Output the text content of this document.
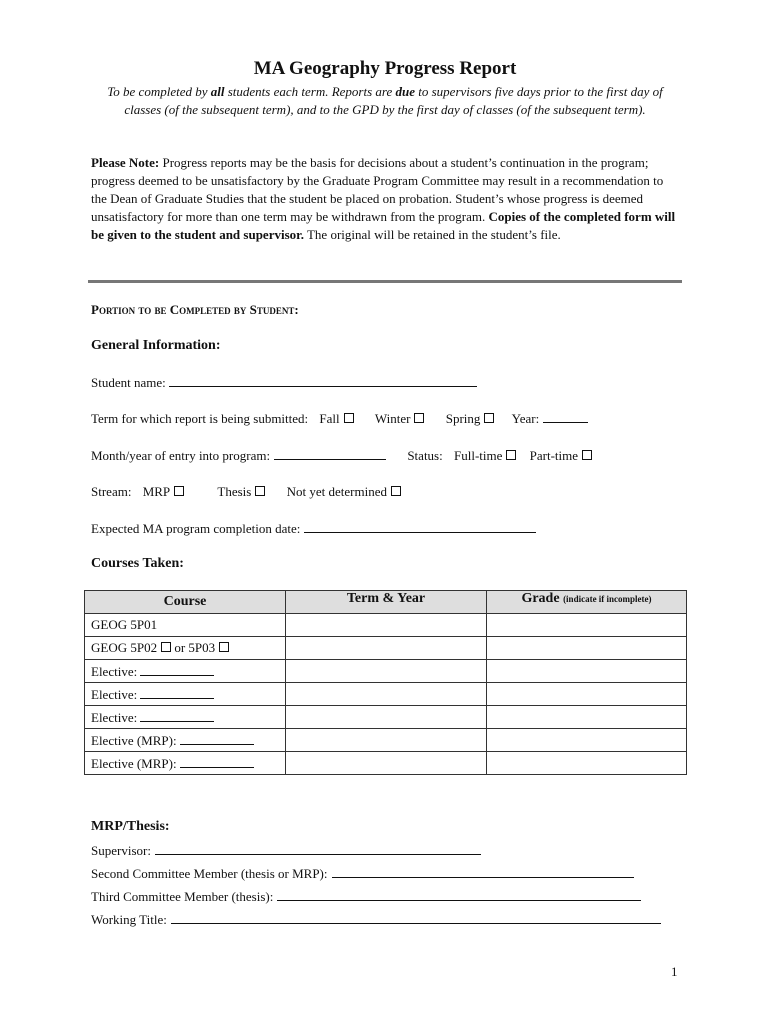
MA Geography Progress Report
To be completed by all students each term. Reports are due to supervisors five days prior to the first day of classes (of the subsequent term), and to the GPD by the first day of classes (of the subsequent term).
Please Note: Progress reports may be the basis for decisions about a student’s continuation in the program; progress deemed to be unsatisfactory by the Graduate Program Committee may result in a recommendation to the Dean of Graduate Studies that the student be placed on probation. Student’s whose progress is deemed unsatisfactory for more than one term may be withdrawn from the program. Copies of the completed form will be given to the student and supervisor. The original will be retained in the student’s file.
Portion to be Completed by Student:
General Information:
Student name:
Term for which report is being submitted: Fall	Winter	Spring Year:
Month/year of entry into program:	Status: Full-time Part-time
Stream: MRP	Thesis	Not yet determined
Expected MA program completion date:
Courses Taken:
Course	Term & Year	Grade (indicate if incomplete)
GEOG 5P01		
GEOG 5P02 or 5P03		
Elective:		
Elective:		
Elective:		
Elective (MRP):		
Elective (MRP):		
MRP/Thesis:
Supervisor:
Second Committee Member (thesis or MRP):
Third Committee Member (thesis):
Working Title:
1
